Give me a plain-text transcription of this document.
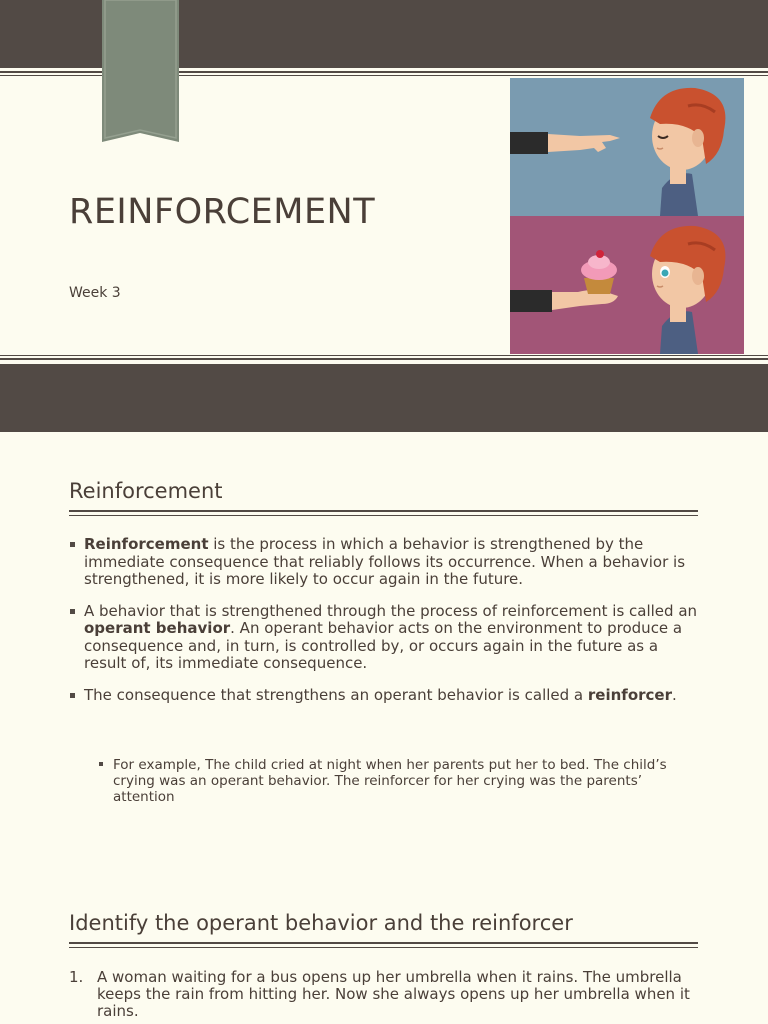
REINFORCEMENT
Week 3
Reinforcement
Reinforcement is the process in which a behavior is strengthened by the immediate consequence that reliably follows its occurrence. When a behavior is strengthened, it is more likely to occur again in the future.
A behavior that is strengthened through the process of reinforcement is called an operant behavior. An operant behavior acts on the environment to produce a consequence and, in turn, is controlled by, or occurs again in the future as a result of, its immediate consequence.
The consequence that strengthens an operant behavior is called a reinforcer.
For example, The child cried at night when her parents put her to bed. The child’s crying was an operant behavior. The reinforcer for her crying was the parents’ attention
Identify the operant behavior and the reinforcer
1. A woman waiting for a bus opens up her umbrella when it rains. The umbrella keeps the rain from hitting her. Now she always opens up her umbrella when it rains.
